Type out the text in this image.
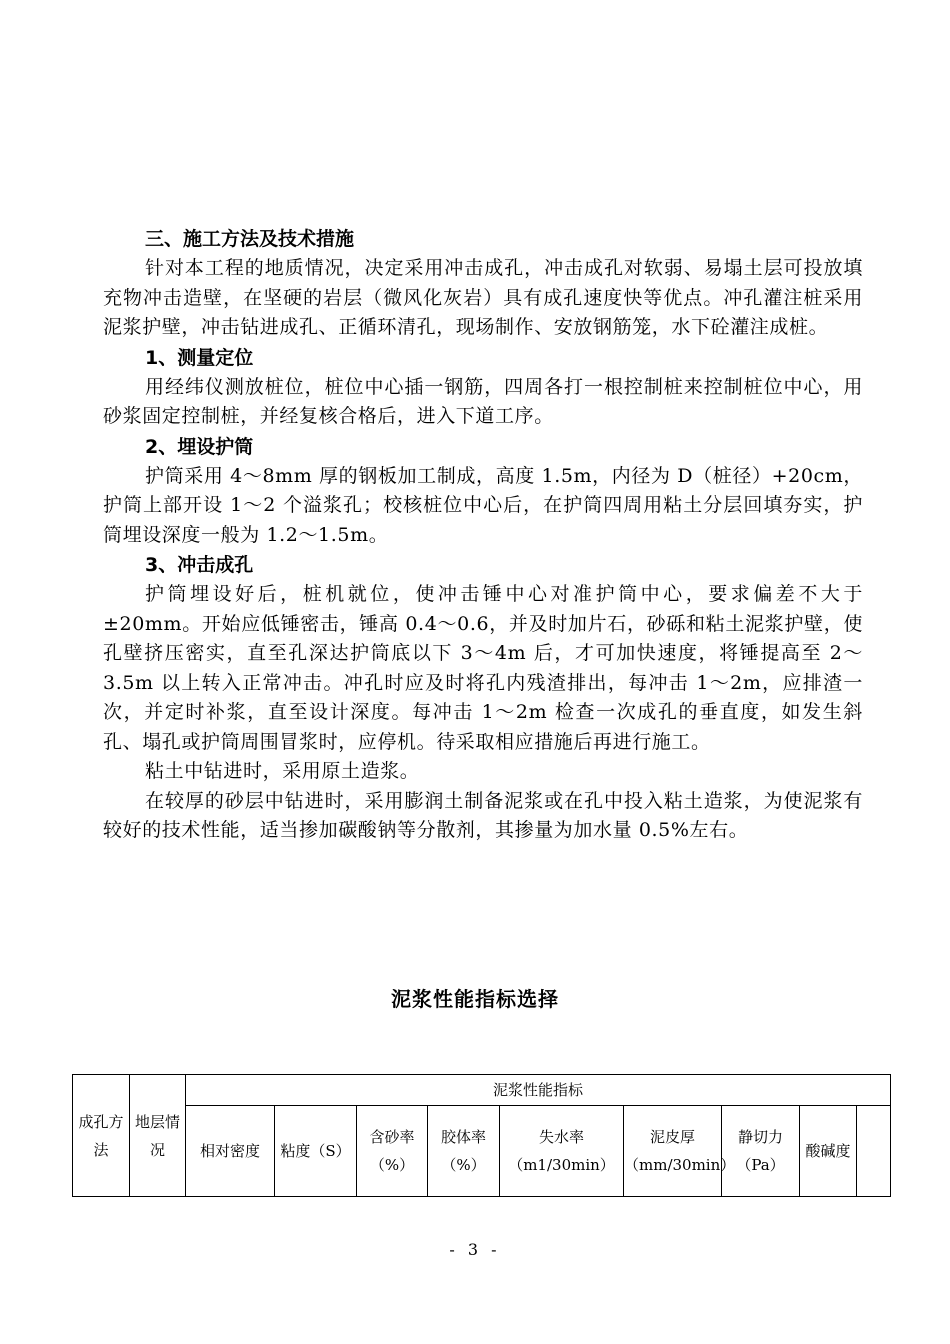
三、施工方法及技术措施

针对本工程的地质情况，决定采用冲击成孔，冲击成孔对软弱、易塌土层可投放填充物冲击造壁，在坚硬的岩层（微风化灰岩）具有成孔速度快等优点。冲孔灌注桩采用泥浆护壁，冲击钻进成孔、正循环清孔，现场制作、安放钢筋笼，水下砼灌注成桩。

1、测量定位

用经纬仪测放桩位，桩位中心插一钢筋，四周各打一根控制桩来控制桩位中心，用砂浆固定控制桩，并经复核合格后，进入下道工序。

2、埋设护筒

护筒采用 4～8mm 厚的钢板加工制成，高度 1.5m，内径为 D（桩径）+20cm，护筒上部开设 1～2 个溢浆孔；校核桩位中心后，在护筒四周用粘土分层回填夯实，护筒埋设深度一般为 1.2～1.5m。

3、冲击成孔

护筒埋设好后，桩机就位，使冲击锤中心对准护筒中心，要求偏差不大于±20mm。开始应低锤密击，锤高 0.4～0.6，并及时加片石，砂砾和粘土泥浆护壁，使孔壁挤压密实，直至孔深达护筒底以下 3～4m 后，才可加快速度，将锤提高至 2～3.5m 以上转入正常冲击。冲孔时应及时将孔内残渣排出，每冲击 1～2m，应排渣一次，并定时补浆，直至设计深度。每冲击 1～2m 检查一次成孔的垂直度，如发生斜孔、塌孔或护筒周围冒浆时，应停机。待采取相应措施后再进行施工。

粘土中钻进时，采用原土造浆。

在较厚的砂层中钻进时，采用膨润土制备泥浆或在孔中投入粘土造浆，为使泥浆有较好的技术性能，适当掺加碳酸钠等分散剂，其掺量为加水量 0.5%左右。

泥浆性能指标选择
成孔方法	地层情况	泥浆性能指标								
		相对密度	粘度（S）	含砂率（%）	胶体率（%）	失水率（m1/30min）	泥皮厚（mm/30min）	静切力（Pa）	酸碱度	
- 3 -
